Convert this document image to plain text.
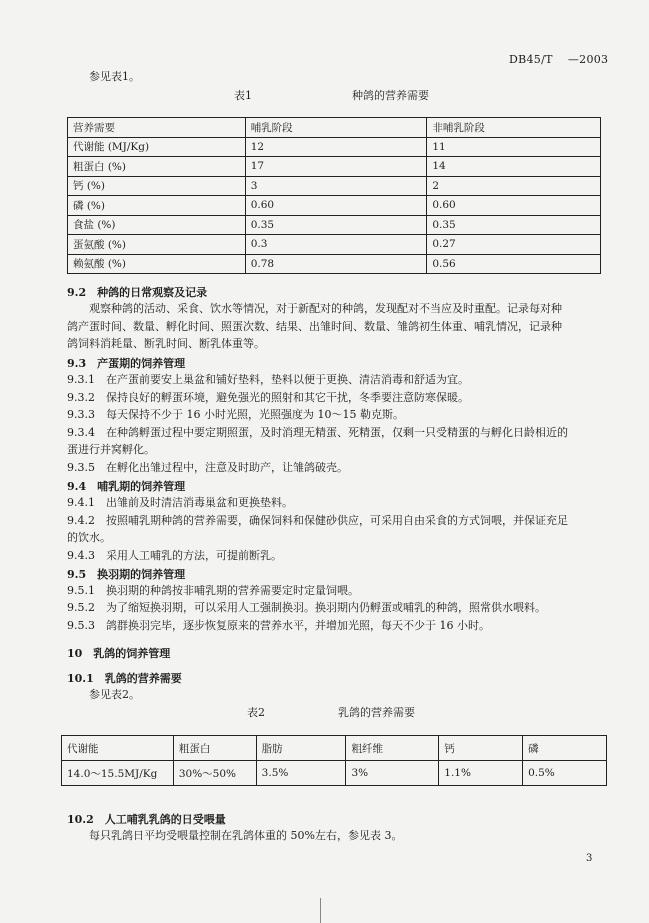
DB45/T　 —2003
参见表1。
表1	种鸽的营养需要
营养需要	哺乳阶段	非哺乳阶段
代谢能 (MJ/Kg)	12	11
粗蛋白 (%)	17	14
钙 (%)	3	2
磷 (%)	0.60	0.60
食盐 (%)	0.35	0.35
蛋氨酸 (%)	0.3	0.27
赖氨酸 (%)	0.78	0.56
9.2　种鸽的日常观察及记录
观察种鸽的活动、采食、饮水等情况，对于新配对的种鸽，发现配对不当应及时重配。记录每对种
鸽产蛋时间、数量、孵化时间、照蛋次数、结果、出雏时间、数量、雏鸽初生体重、哺乳情况，记录种
鸽饲料消耗量、断乳时间、断乳体重等。
9.3　产蛋期的饲养管理
9.3.1　在产蛋前要安上巢盆和铺好垫料，垫料以便于更换、清洁消毒和舒适为宜。
9.3.2　保持良好的孵蛋环境，避免强光的照射和其它干扰，冬季要注意防寒保暖。
9.3.3　每天保持不少于 16 小时光照，光照强度为 10～15 勒克斯。
9.3.4　在种鸽孵蛋过程中要定期照蛋，及时消理无精蛋、死精蛋，仅剩一只受精蛋的与孵化日龄相近的
蛋进行并窝孵化。
9.3.5　在孵化出雏过程中，注意及时助产，让雏鸽破壳。
9.4　哺乳期的饲养管理
9.4.1　出雏前及时清洁消毒巢盆和更换垫料。
9.4.2　按照哺乳期种鸽的营养需要，确保饲料和保健砂供应，可采用自由采食的方式饲喂，并保证充足
的饮水。
9.4.3　采用人工哺乳的方法，可提前断乳。
9.5　换羽期的饲养管理
9.5.1　换羽期的种鸽按非哺乳期的营养需要定时定量饲喂。
9.5.2　为了缩短换羽期，可以采用人工强制换羽。换羽期内仍孵蛋或哺乳的种鸽，照常供水喂料。
9.5.3　鸽群换羽完毕，逐步恢复原来的营养水平，并增加光照，每天不少于 16 小时。
10　乳鸽的饲养管理
10.1　乳鸽的营养需要
参见表2。
表2	乳鸽的营养需要
代谢能	粗蛋白	脂肪	粗纤维	钙	磷
14.0～15.5MJ/Kg	30%～50%	3.5%	3%	1.1%	0.5%
10.2　人工哺乳乳鸽的日受喂量
每只乳鸽日平均受喂量控制在乳鸽体重的 50%左右，参见表 3。
3
